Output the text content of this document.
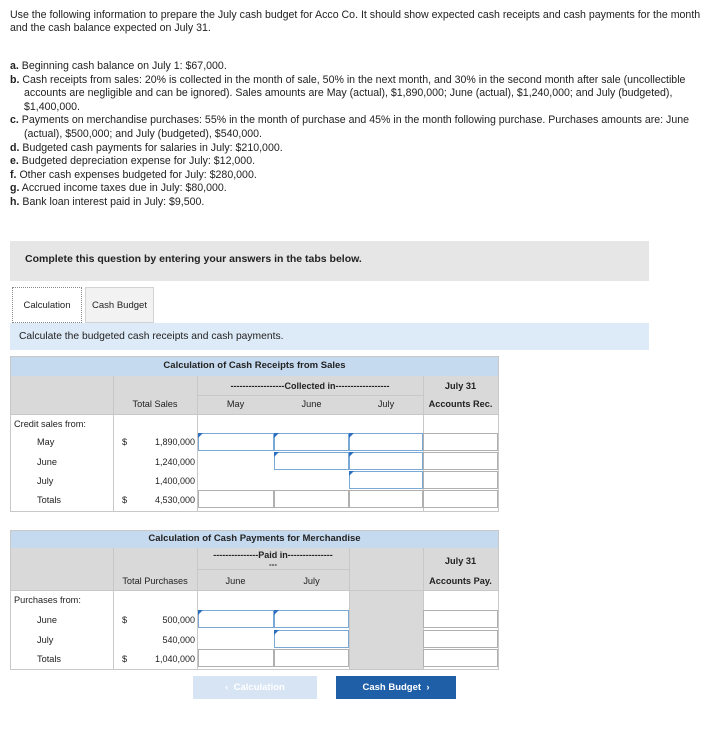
Use the following information to prepare the July cash budget for Acco Co. It should show expected cash receipts and cash payments for the month and the cash balance expected on July 31.
a. Beginning cash balance on July 1: $67,000.
b. Cash receipts from sales: 20% is collected in the month of sale, 50% in the next month, and 30% in the second month after sale (uncollectible accounts are negligible and can be ignored). Sales amounts are May (actual), $1,890,000; June (actual), $1,240,000; and July (budgeted), $1,400,000.
c. Payments on merchandise purchases: 55% in the month of purchase and 45% in the month following purchase. Purchases amounts are: June (actual), $500,000; and July (budgeted), $540,000.
d. Budgeted cash payments for salaries in July: $210,000.
e. Budgeted depreciation expense for July: $12,000.
f. Other cash expenses budgeted for July: $280,000.
g. Accrued income taxes due in July: $80,000.
h. Bank loan interest paid in July: $9,500.
Complete this question by entering your answers in the tabs below.
Calculation	Cash Budget
Calculate the budgeted cash receipts and cash payments.
Calculation of Cash Receipts from Sales
------------------Collected in------------------
Total Sales	May	June	July
July 31
Accounts Rec.
Credit sales from:
May	$	1,890,000
June	1,240,000
July	1,400,000
Totals	$	4,530,000
Calculation of Cash Payments for Merchandise
---------------Paid in---------------
---
Total Purchases	June	July
July 31
Accounts Pay.
Purchases from:
June	$	500,000
July	540,000
Totals	$	1,040,000
‹ Calculation	Cash Budget ›
